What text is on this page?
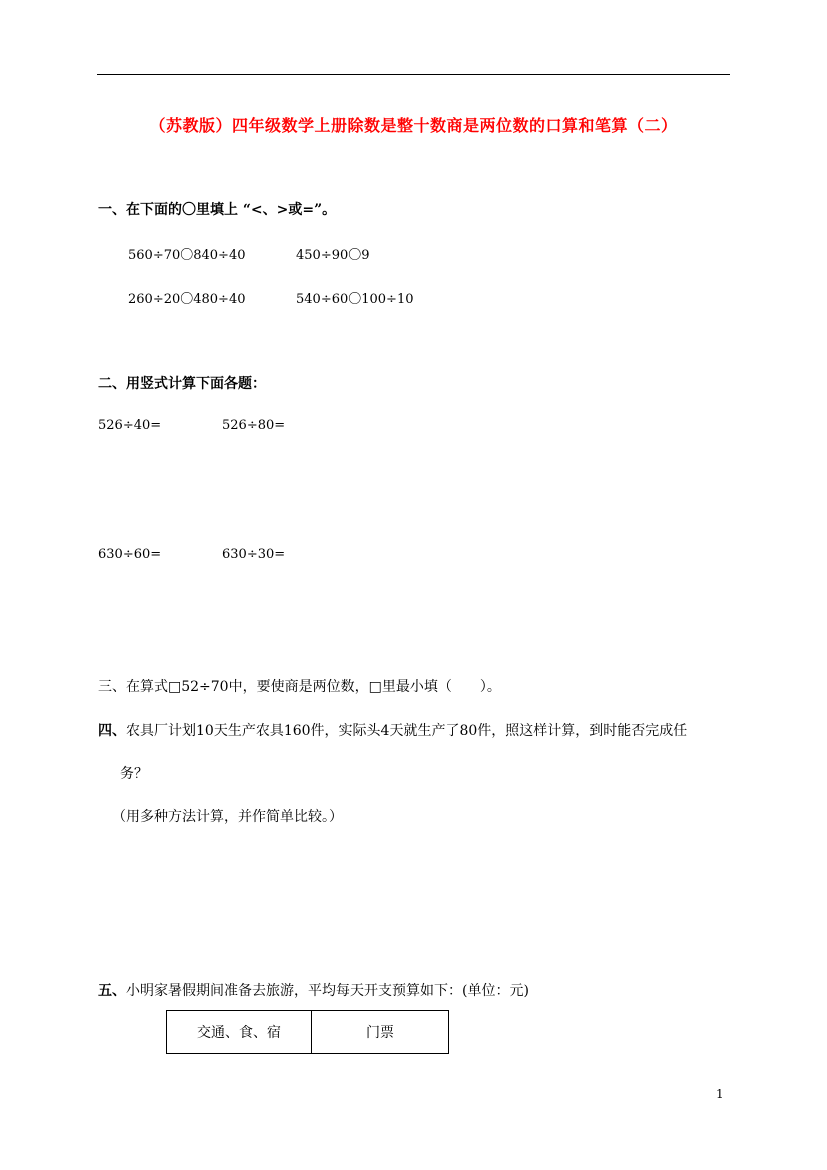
（苏教版）四年级数学上册除数是整十数商是两位数的口算和笔算（二）
一、在下面的〇里填上 “<、>或=”。
560÷70〇840÷40	450÷90〇9
260÷20〇480÷40	540÷60〇100÷10
二、用竖式计算下面各题：
526÷40=	526÷80=
630÷60=	630÷30=
三、在算式□52÷70中，要使商是两位数，□里最小填（　　）。
四、农具厂计划10天生产农具160件，实际头4天就生产了80件，照这样计算，到时能否完成任
务？
（用多种方法计算，并作简单比较。）
五、小明家暑假期间准备去旅游，平均每天开支预算如下：(单位：元)
交通、食、宿	门票
1
